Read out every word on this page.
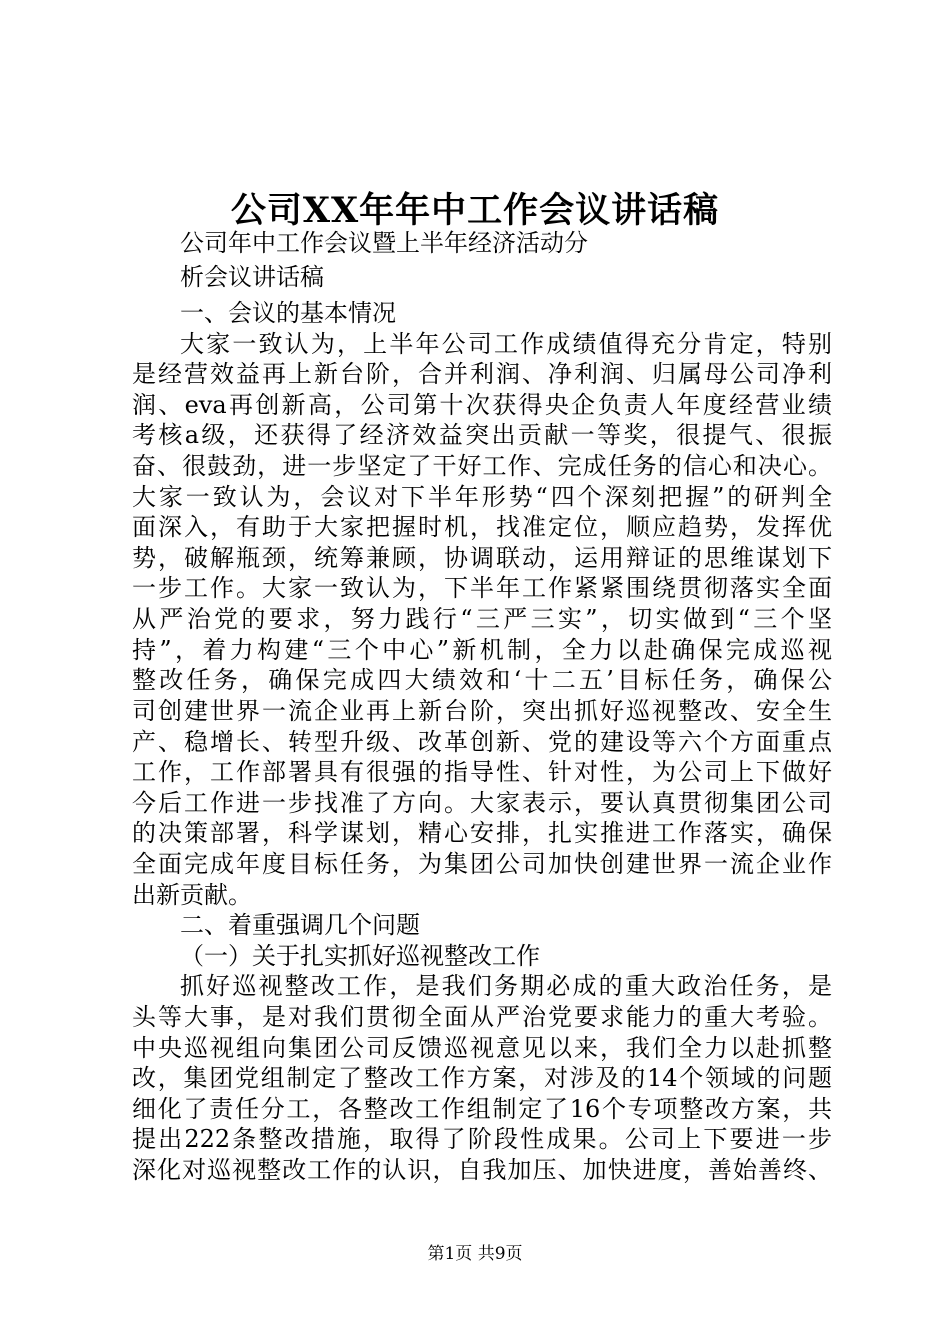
公司XX年年中工作会议讲话稿
公司年中工作会议暨上半年经济活动分
析会议讲话稿
一、会议的基本情况
大家一致认为，上半年公司工作成绩值得充分肯定，特别
是经营效益再上新台阶，合并利润、净利润、归属母公司净利
润、eva再创新高，公司第十次获得央企负责人年度经营业绩
考核a级，还获得了经济效益突出贡献一等奖，很提气、很振
奋、很鼓劲，进一步坚定了干好工作、完成任务的信心和决心。
大家一致认为，会议对下半年形势“四个深刻把握”的研判全
面深入，有助于大家把握时机，找准定位，顺应趋势，发挥优
势，破解瓶颈，统筹兼顾，协调联动，运用辩证的思维谋划下
一步工作。大家一致认为，下半年工作紧紧围绕贯彻落实全面
从严治党的要求，努力践行“三严三实”，切实做到“三个坚
持”，着力构建“三个中心”新机制，全力以赴确保完成巡视
整改任务，确保完成四大绩效和‘十二五’目标任务，确保公
司创建世界一流企业再上新台阶，突出抓好巡视整改、安全生
产、稳增长、转型升级、改革创新、党的建设等六个方面重点
工作，工作部署具有很强的指导性、针对性，为公司上下做好
今后工作进一步找准了方向。大家表示，要认真贯彻集团公司
的决策部署，科学谋划，精心安排，扎实推进工作落实，确保
全面完成年度目标任务，为集团公司加快创建世界一流企业作
出新贡献。
二、着重强调几个问题
（一）关于扎实抓好巡视整改工作
抓好巡视整改工作，是我们务期必成的重大政治任务，是
头等大事，是对我们贯彻全面从严治党要求能力的重大考验。
中央巡视组向集团公司反馈巡视意见以来，我们全力以赴抓整
改，集团党组制定了整改工作方案，对涉及的14个领域的问题
细化了责任分工，各整改工作组制定了16个专项整改方案，共
提出222条整改措施，取得了阶段性成果。公司上下要进一步
深化对巡视整改工作的认识，自我加压、加快进度，善始善终、
第1页 共9页
